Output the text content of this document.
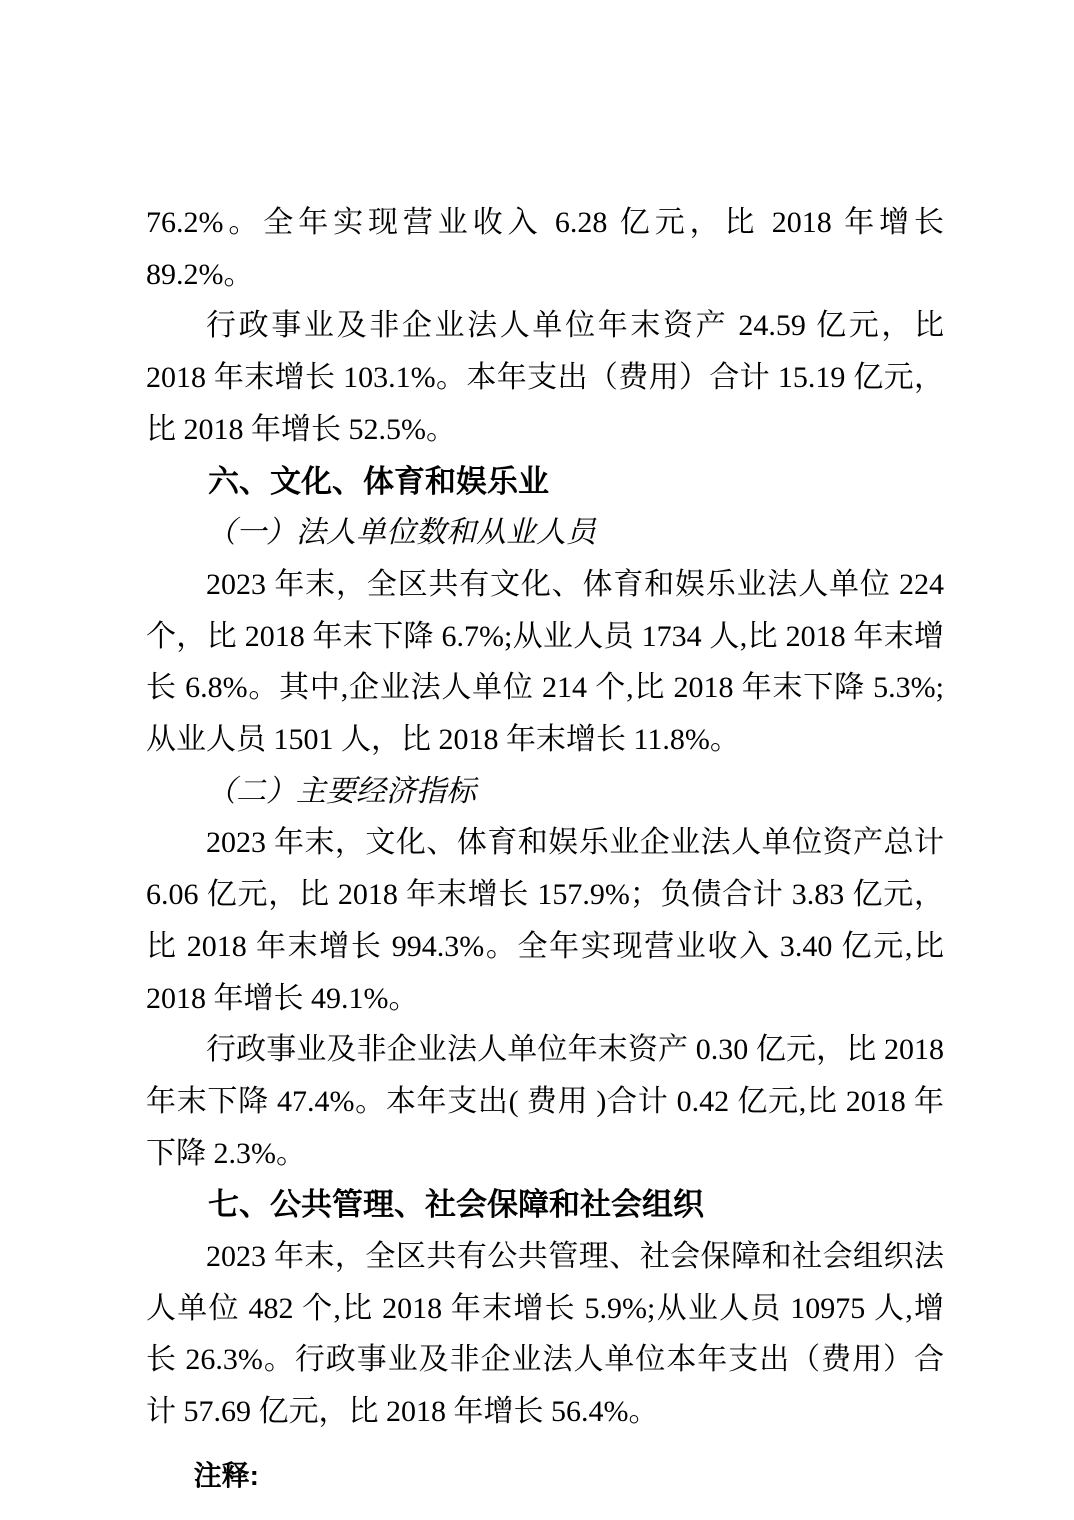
76.2%。全年实现营业收入 6.28 亿元，比 2018 年增长 89.2%。

行政事业及非企业法人单位年末资产 24.59 亿元，比 2018 年末增长 103.1%。本年支出（费用）合计 15.19 亿元，比 2018 年增长 52.5%。

六、文化、体育和娱乐业

（一）法人单位数和从业人员

2023 年末，全区共有文化、体育和娱乐业法人单位 224 个，比 2018 年末下降 6.7%;从业人员 1734 人,比 2018 年末增长 6.8%。其中,企业法人单位 214 个,比 2018 年末下降 5.3%;从业人员 1501 人，比 2018 年末增长 11.8%。

（二）主要经济指标

2023 年末，文化、体育和娱乐业企业法人单位资产总计 6.06 亿元，比 2018 年末增长 157.9%；负债合计 3.83 亿元，比 2018 年末增长 994.3%。全年实现营业收入 3.40 亿元,比 2018 年增长 49.1%。

行政事业及非企业法人单位年末资产 0.30 亿元，比 2018 年末下降 47.4%。本年支出( 费用 )合计 0.42 亿元,比 2018 年下降 2.3%。

七、公共管理、社会保障和社会组织

2023 年末，全区共有公共管理、社会保障和社会组织法人单位 482 个,比 2018 年末增长 5.9%;从业人员 10975 人,增长 26.3%。行政事业及非企业法人单位本年支出（费用）合计 57.69 亿元，比 2018 年增长 56.4%。

注释:
